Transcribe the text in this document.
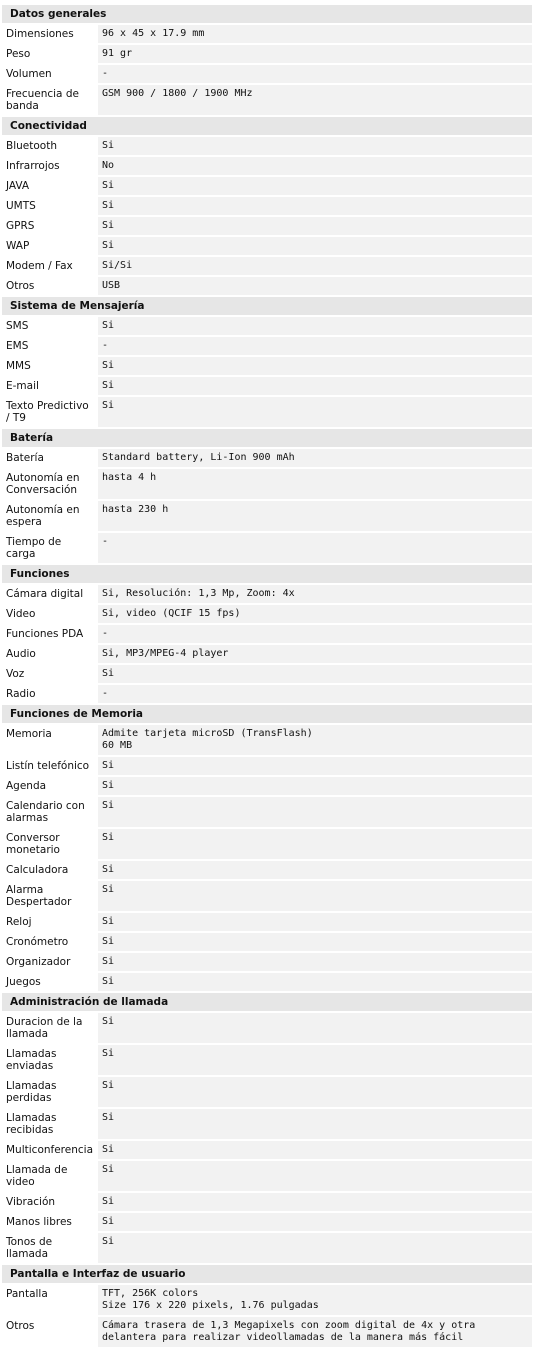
Datos generales	
Dimensiones	96 x 45 x 17.9 mm
Peso	91 gr
Volumen	-
Frecuencia de banda	GSM 900 / 1800 / 1900 MHz
Conectividad	
Bluetooth	Si
Infrarrojos	No
JAVA	Si
UMTS	Si
GPRS	Si
WAP	Si
Modem / Fax	Si/Si
Otros	USB
Sistema de Mensajería	
SMS	Si
EMS	-
MMS	Si
E-mail	Si
Texto Predictivo / T9	Si
Batería	
Batería	Standard battery, Li-Ion 900 mAh
Autonomía en Conversación	hasta 4 h
Autonomía en espera	hasta 230 h
Tiempo de carga	-
Funciones	
Cámara digital	Si, Resolución: 1,3 Mp, Zoom: 4x
Video	Si, video (QCIF 15 fps)
Funciones PDA	-
Audio	Si, MP3/MPEG-4 player
Voz	Si
Radio	-
Funciones de Memoria	
Memoria	Admite tarjeta microSD (TransFlash)
60 MB
Listín telefónico	Si
Agenda	Si
Calendario con alarmas	Si
Conversor monetario	Si
Calculadora	Si
Alarma Despertador	Si
Reloj	Si
Cronómetro	Si
Organizador	Si
Juegos	Si
Administración de llamada	
Duracion de la llamada	Si
Llamadas enviadas	Si
Llamadas perdidas	Si
Llamadas recibidas	Si
Multiconferencia	Si
Llamada de video	Si
Vibración	Si
Manos libres	Si
Tonos de llamada	Si
Pantalla e Interfaz de usuario	
Pantalla	TFT, 256K colors
Size 176 x 220 pixels, 1.76 pulgadas
Otros	Cámara trasera de 1,3 Megapixels con zoom digital de 4x y otra delantera para realizar videollamadas de la manera más fácil
